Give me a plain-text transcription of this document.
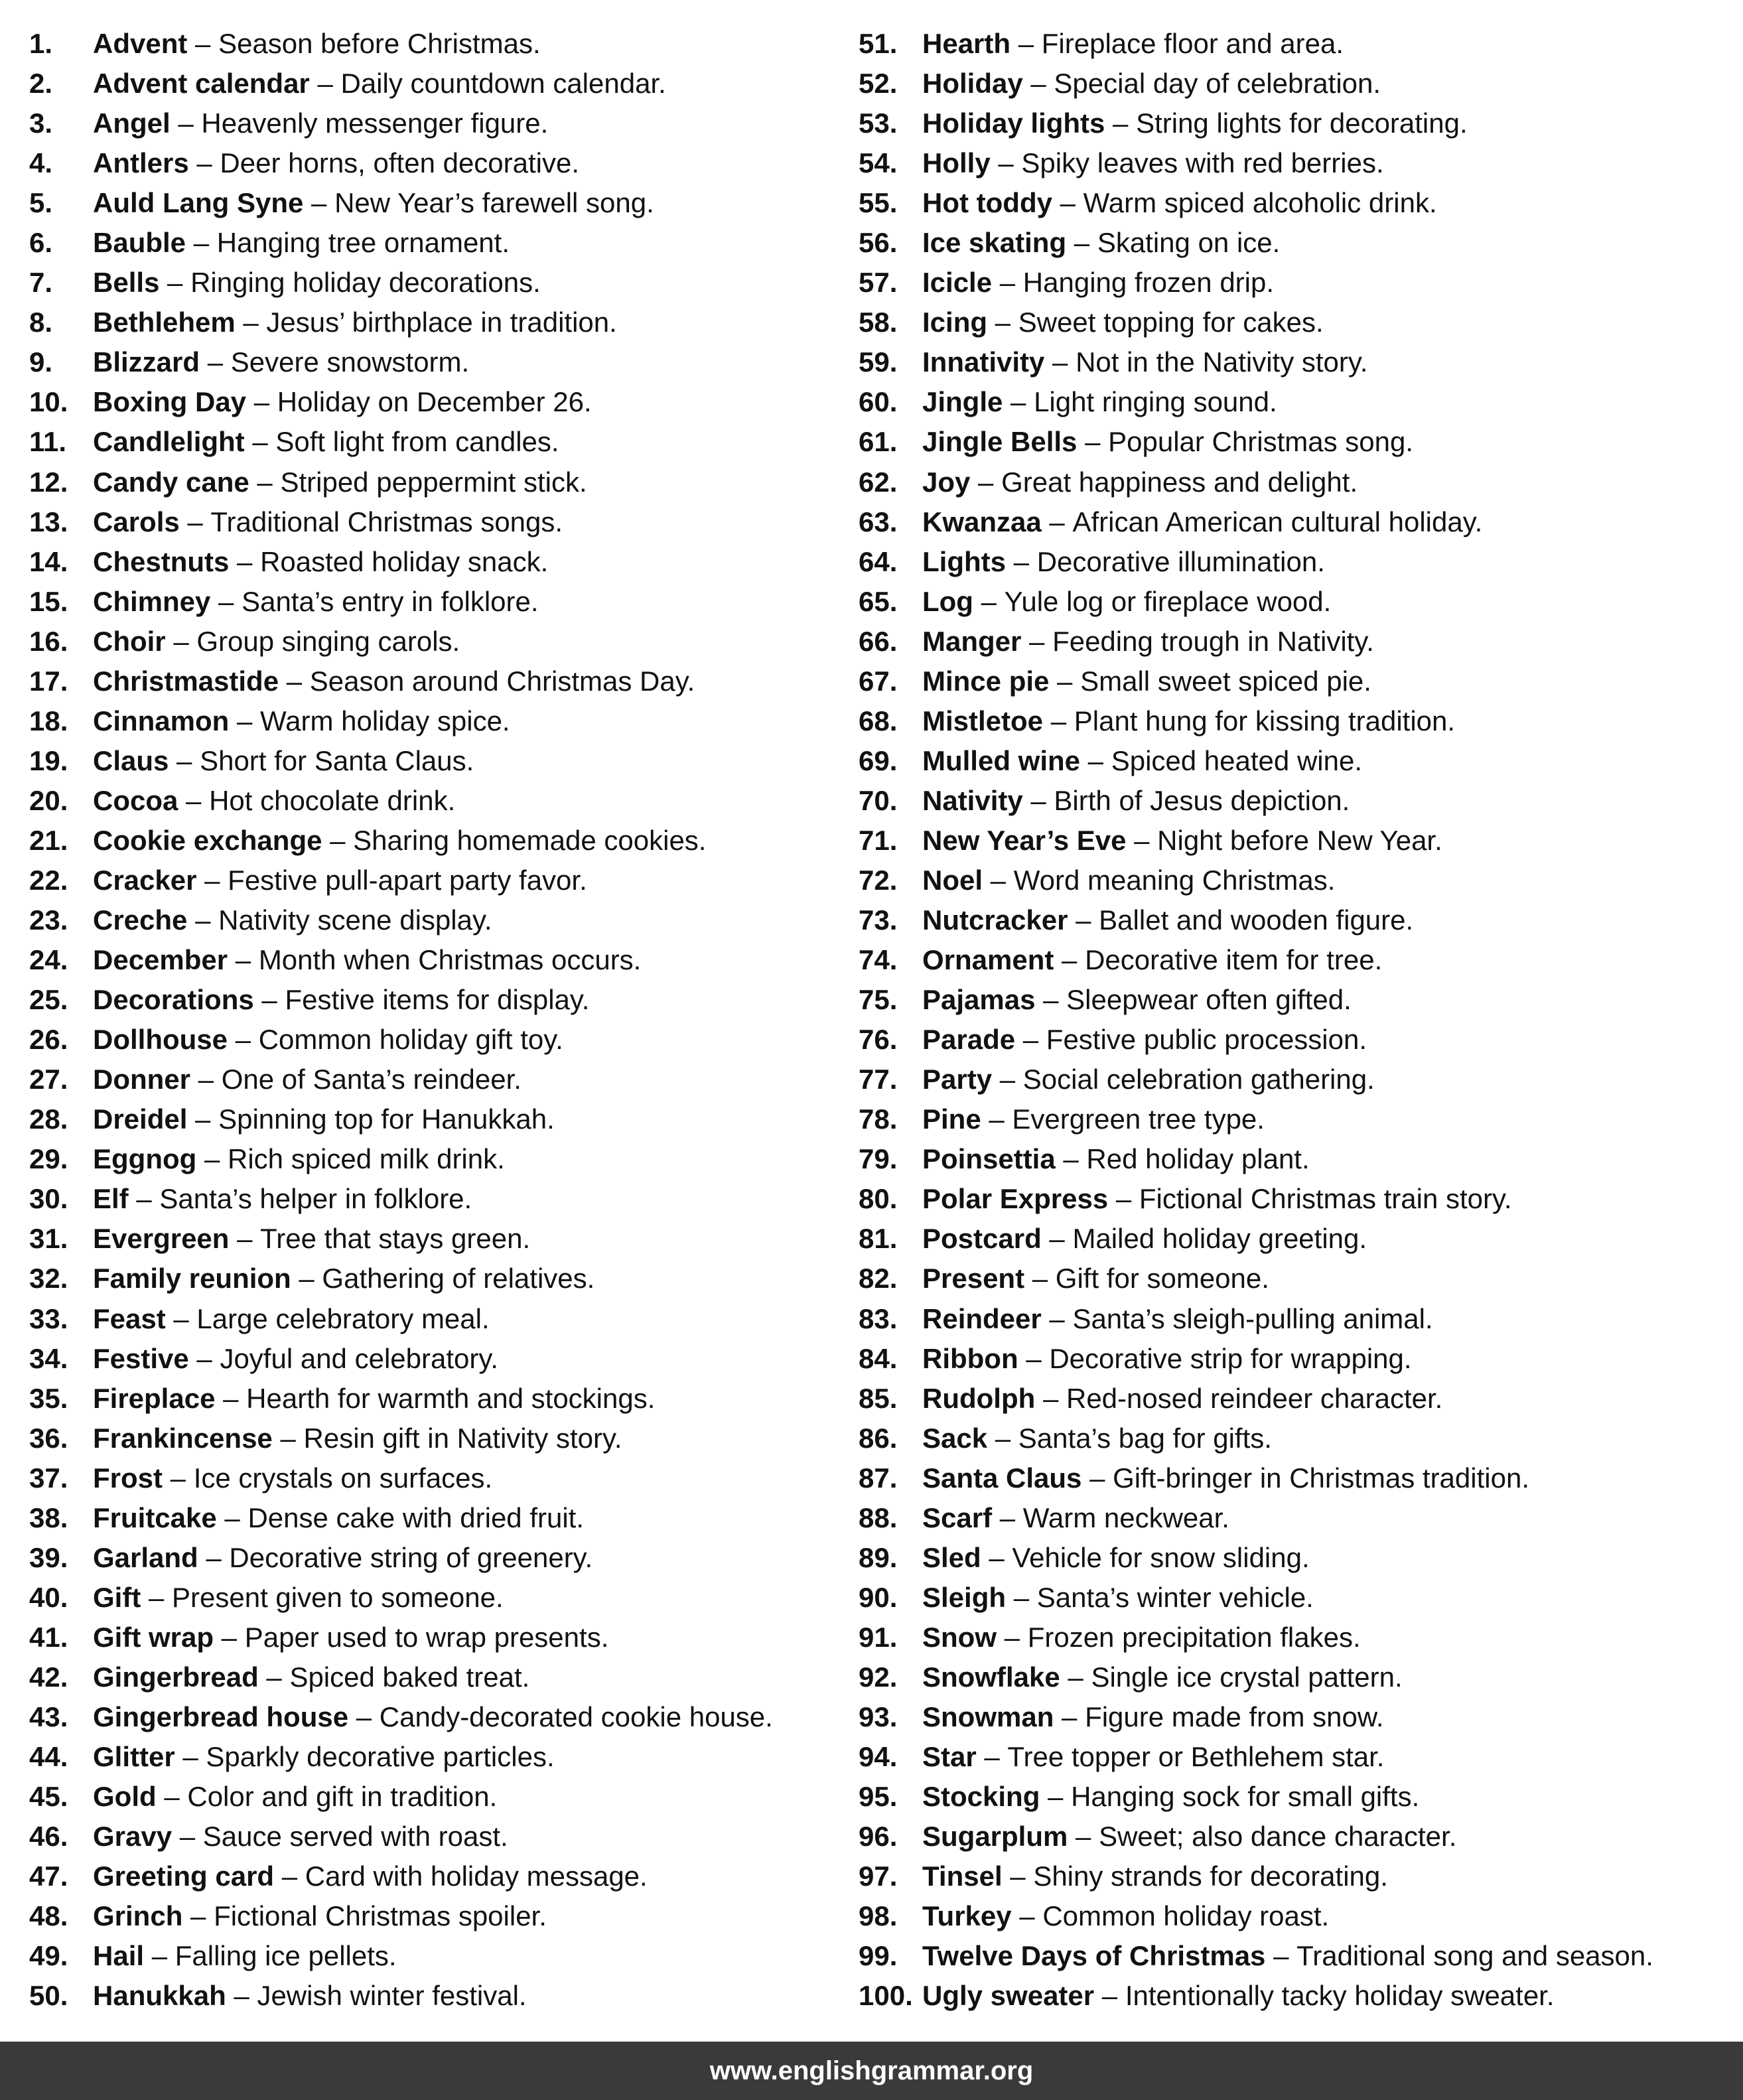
1.	Advent – Season before Christmas.
2.	Advent calendar – Daily countdown calendar.
3.	Angel – Heavenly messenger figure.
4.	Antlers – Deer horns, often decorative.
5.	Auld Lang Syne – New Year’s farewell song.
6.	Bauble – Hanging tree ornament.
7.	Bells – Ringing holiday decorations.
8.	Bethlehem – Jesus’ birthplace in tradition.
9.	Blizzard – Severe snowstorm.
10. Boxing Day – Holiday on December 26.
11. Candlelight – Soft light from candles.
12. Candy cane – Striped peppermint stick.
13. Carols – Traditional Christmas songs.
14. Chestnuts – Roasted holiday snack.
15. Chimney – Santa’s entry in folklore.
16. Choir – Group singing carols.
17. Christmastide – Season around Christmas Day.
18. Cinnamon – Warm holiday spice.
19. Claus – Short for Santa Claus.
20. Cocoa – Hot chocolate drink.
21. Cookie exchange – Sharing homemade cookies.
22. Cracker – Festive pull-apart party favor.
23. Creche – Nativity scene display.
24. December – Month when Christmas occurs.
25. Decorations – Festive items for display.
26. Dollhouse – Common holiday gift toy.
27. Donner – One of Santa’s reindeer.
28. Dreidel – Spinning top for Hanukkah.
29. Eggnog – Rich spiced milk drink.
30. Elf – Santa’s helper in folklore.
31. Evergreen – Tree that stays green.
32. Family reunion – Gathering of relatives.
33. Feast – Large celebratory meal.
34. Festive – Joyful and celebratory.
35. Fireplace – Hearth for warmth and stockings.
36. Frankincense – Resin gift in Nativity story.
37. Frost – Ice crystals on surfaces.
38. Fruitcake – Dense cake with dried fruit.
39. Garland – Decorative string of greenery.
40. Gift – Present given to someone.
41. Gift wrap – Paper used to wrap presents.
42. Gingerbread – Spiced baked treat.
43. Gingerbread house – Candy-decorated cookie house.
44. Glitter – Sparkly decorative particles.
45. Gold – Color and gift in tradition.
46. Gravy – Sauce served with roast.
47. Greeting card – Card with holiday message.
48. Grinch – Fictional Christmas spoiler.
49. Hail – Falling ice pellets.
50. Hanukkah – Jewish winter festival.
51. Hearth – Fireplace floor and area.
52. Holiday – Special day of celebration.
53. Holiday lights – String lights for decorating.
54. Holly – Spiky leaves with red berries.
55. Hot toddy – Warm spiced alcoholic drink.
56. Ice skating – Skating on ice.
57. Icicle – Hanging frozen drip.
58. Icing – Sweet topping for cakes.
59. Innativity – Not in the Nativity story.
60. Jingle – Light ringing sound.
61. Jingle Bells – Popular Christmas song.
62. Joy – Great happiness and delight.
63. Kwanzaa – African American cultural holiday.
64. Lights – Decorative illumination.
65. Log – Yule log or fireplace wood.
66. Manger – Feeding trough in Nativity.
67. Mince pie – Small sweet spiced pie.
68. Mistletoe – Plant hung for kissing tradition.
69. Mulled wine – Spiced heated wine.
70. Nativity – Birth of Jesus depiction.
71. New Year’s Eve – Night before New Year.
72. Noel – Word meaning Christmas.
73. Nutcracker – Ballet and wooden figure.
74. Ornament – Decorative item for tree.
75. Pajamas – Sleepwear often gifted.
76. Parade – Festive public procession.
77. Party – Social celebration gathering.
78. Pine – Evergreen tree type.
79. Poinsettia – Red holiday plant.
80. Polar Express – Fictional Christmas train story.
81. Postcard – Mailed holiday greeting.
82. Present – Gift for someone.
83. Reindeer – Santa’s sleigh-pulling animal.
84. Ribbon – Decorative strip for wrapping.
85. Rudolph – Red-nosed reindeer character.
86. Sack – Santa’s bag for gifts.
87. Santa Claus – Gift-bringer in Christmas tradition.
88. Scarf – Warm neckwear.
89. Sled – Vehicle for snow sliding.
90. Sleigh – Santa’s winter vehicle.
91. Snow – Frozen precipitation flakes.
92. Snowflake – Single ice crystal pattern.
93. Snowman – Figure made from snow.
94. Star – Tree topper or Bethlehem star.
95. Stocking – Hanging sock for small gifts.
96. Sugarplum – Sweet; also dance character.
97. Tinsel – Shiny strands for decorating.
98. Turkey – Common holiday roast.
99. Twelve Days of Christmas – Traditional song and season.
100. Ugly sweater – Intentionally tacky holiday sweater.
www.englishgrammar.org
